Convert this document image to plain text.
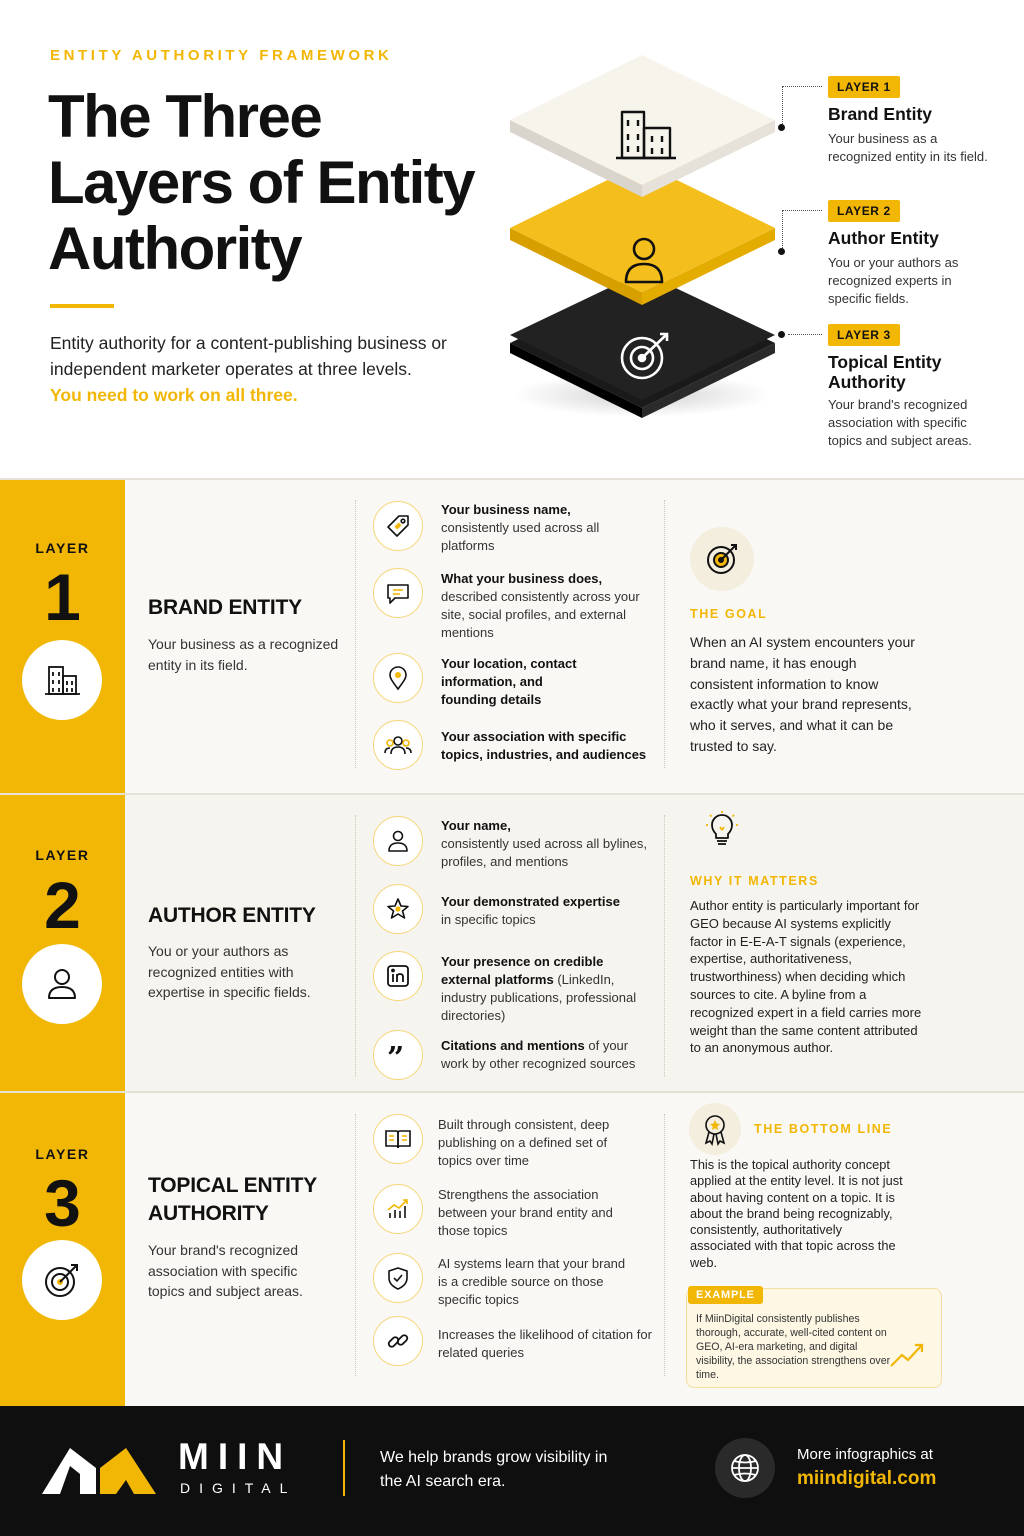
ENTITY AUTHORITY FRAMEWORK
The Three Layers of Entity Authority
Entity authority for a content-publishing business or independent marketer operates at three levels.
You need to work on all three.
LAYER 1
Brand Entity
Your business as a recognized entity in its field.
LAYER 2
Author Entity
You or your authors as recognized experts in specific fields.
LAYER 3
Topical Entity Authority
Your brand's recognized association with specific topics and subject areas.
LAYER
1	BRAND ENTITY
Your business as a recognized entity in its field.
Your business name,
consistently used across all platforms
What your business does,
described consistently across your site, social profiles, and external mentions
Your location, contact information, and founding details
Your association with specific topics, industries, and audiences
THE GOAL
When an AI system encounters your brand name, it has enough consistent information to know exactly what your brand represents, who it serves, and what it can be trusted to say.
LAYER
2	AUTHOR ENTITY
You or your authors as recognized entities with expertise in specific fields.
Your name,
consistently used across all bylines, profiles, and mentions
Your demonstrated expertise
in specific topics
Your presence on credible external platforms (LinkedIn, industry publications, professional directories)
”	Citations and mentions of your work by other recognized sources
WHY IT MATTERS
Author entity is particularly important for GEO because AI systems explicitly factor in E-E-A-T signals (experience, expertise, authoritativeness, trustworthiness) when deciding which sources to cite. A byline from a recognized expert in a field carries more weight than the same content attributed to an anonymous author.
LAYER
3	TOPICAL ENTITY AUTHORITY
Your brand's recognized association with specific topics and subject areas.
Built through consistent, deep publishing on a defined set of topics over time
Strengthens the association between your brand entity and those topics
AI systems learn that your brand is a credible source on those specific topics
Increases the likelihood of citation for related queries
THE BOTTOM LINE
This is the topical authority concept applied at the entity level. It is not just about having content on a topic. It is about the brand being recognizably, consistently, authoritatively associated with that topic across the web.
EXAMPLE
If MiinDigital consistently publishes thorough, accurate, well-cited content on GEO, AI-era marketing, and digital visibility, the association strengthens over time.
MIIN
DIGITAL
We help brands grow visibility in the AI search era.
More infographics at
miindigital.com
